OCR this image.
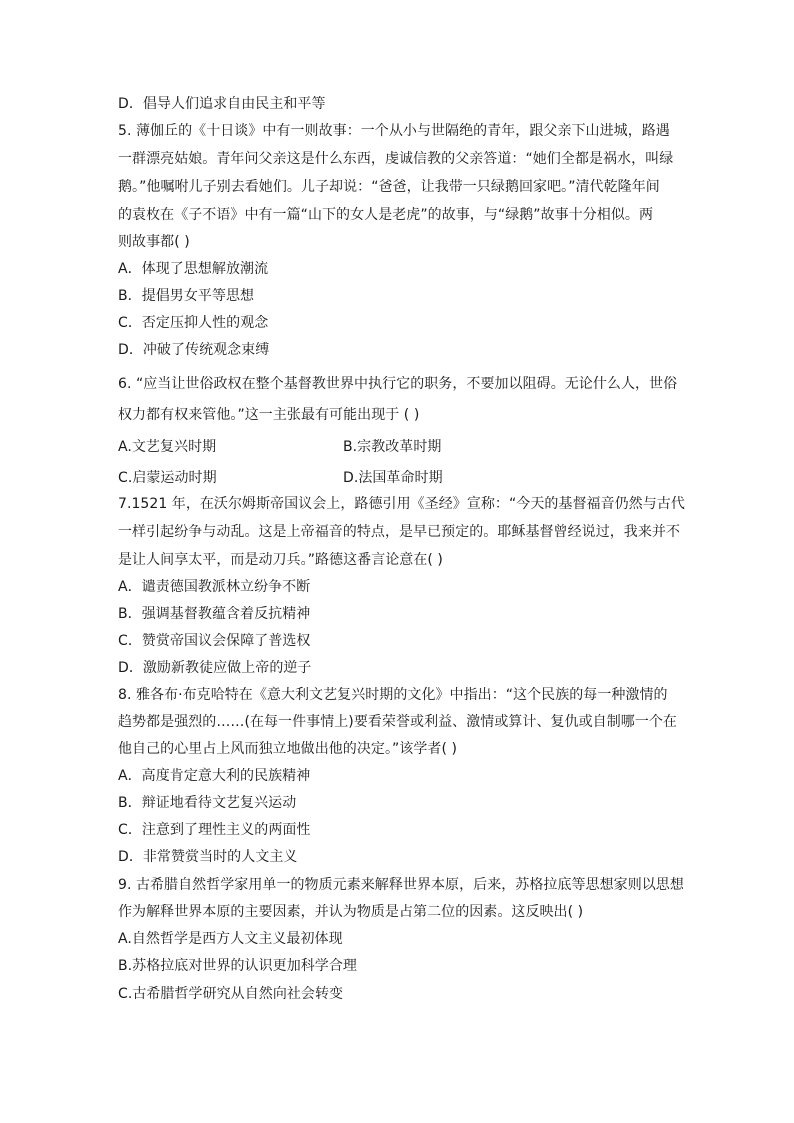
D．倡导人们追求自由民主和平等
5. 薄伽丘的《十日谈》中有一则故事：一个从小与世隔绝的青年，跟父亲下山进城，路遇
一群漂亮姑娘。青年问父亲这是什么东西，虔诚信教的父亲答道：“她们全都是祸水，叫绿
鹅。”他嘱咐儿子别去看她们。儿子却说：“爸爸，让我带一只绿鹅回家吧。”清代乾隆年间
的袁枚在《子不语》中有一篇“山下的女人是老虎”的故事，与“绿鹅”故事十分相似。两
则故事都( )
A．体现了思想解放潮流
B．提倡男女平等思想
C．否定压抑人性的观念
D．冲破了传统观念束缚
6. “应当让世俗政权在整个基督教世界中执行它的职务，不要加以阻碍。无论什么人，世俗
权力都有权来管他。”这一主张最有可能出现于 ( )
A.文艺复兴时期	B.宗教改革时期
C.启蒙运动时期	D.法国革命时期
7.1521 年，在沃尔姆斯帝国议会上，路德引用《圣经》宣称：“今天的基督福音仍然与古代
一样引起纷争与动乱。这是上帝福音的特点，是早已预定的。耶稣基督曾经说过，我来并不
是让人间享太平，而是动刀兵。”路德这番言论意在( )
A．谴责德国教派林立纷争不断
B．强调基督教蕴含着反抗精神
C．赞赏帝国议会保障了普选权
D．激励新教徒应做上帝的逆子
8. 雅各布·布克哈特在《意大利文艺复兴时期的文化》中指出：“这个民族的每一种激情的
趋势都是强烈的……(在每一件事情上)要看荣誉或利益、激情或算计、复仇或自制哪一个在
他自己的心里占上风而独立地做出他的决定。”该学者( )
A．高度肯定意大利的民族精神
B．辩证地看待文艺复兴运动
C．注意到了理性主义的两面性
D．非常赞赏当时的人文主义
9. 古希腊自然哲学家用单一的物质元素来解释世界本原，后来，苏格拉底等思想家则以思想
作为解释世界本原的主要因素，并认为物质是占第二位的因素。这反映出( )
A.自然哲学是西方人文主义最初体现
B.苏格拉底对世界的认识更加科学合理
C.古希腊哲学研究从自然向社会转变
